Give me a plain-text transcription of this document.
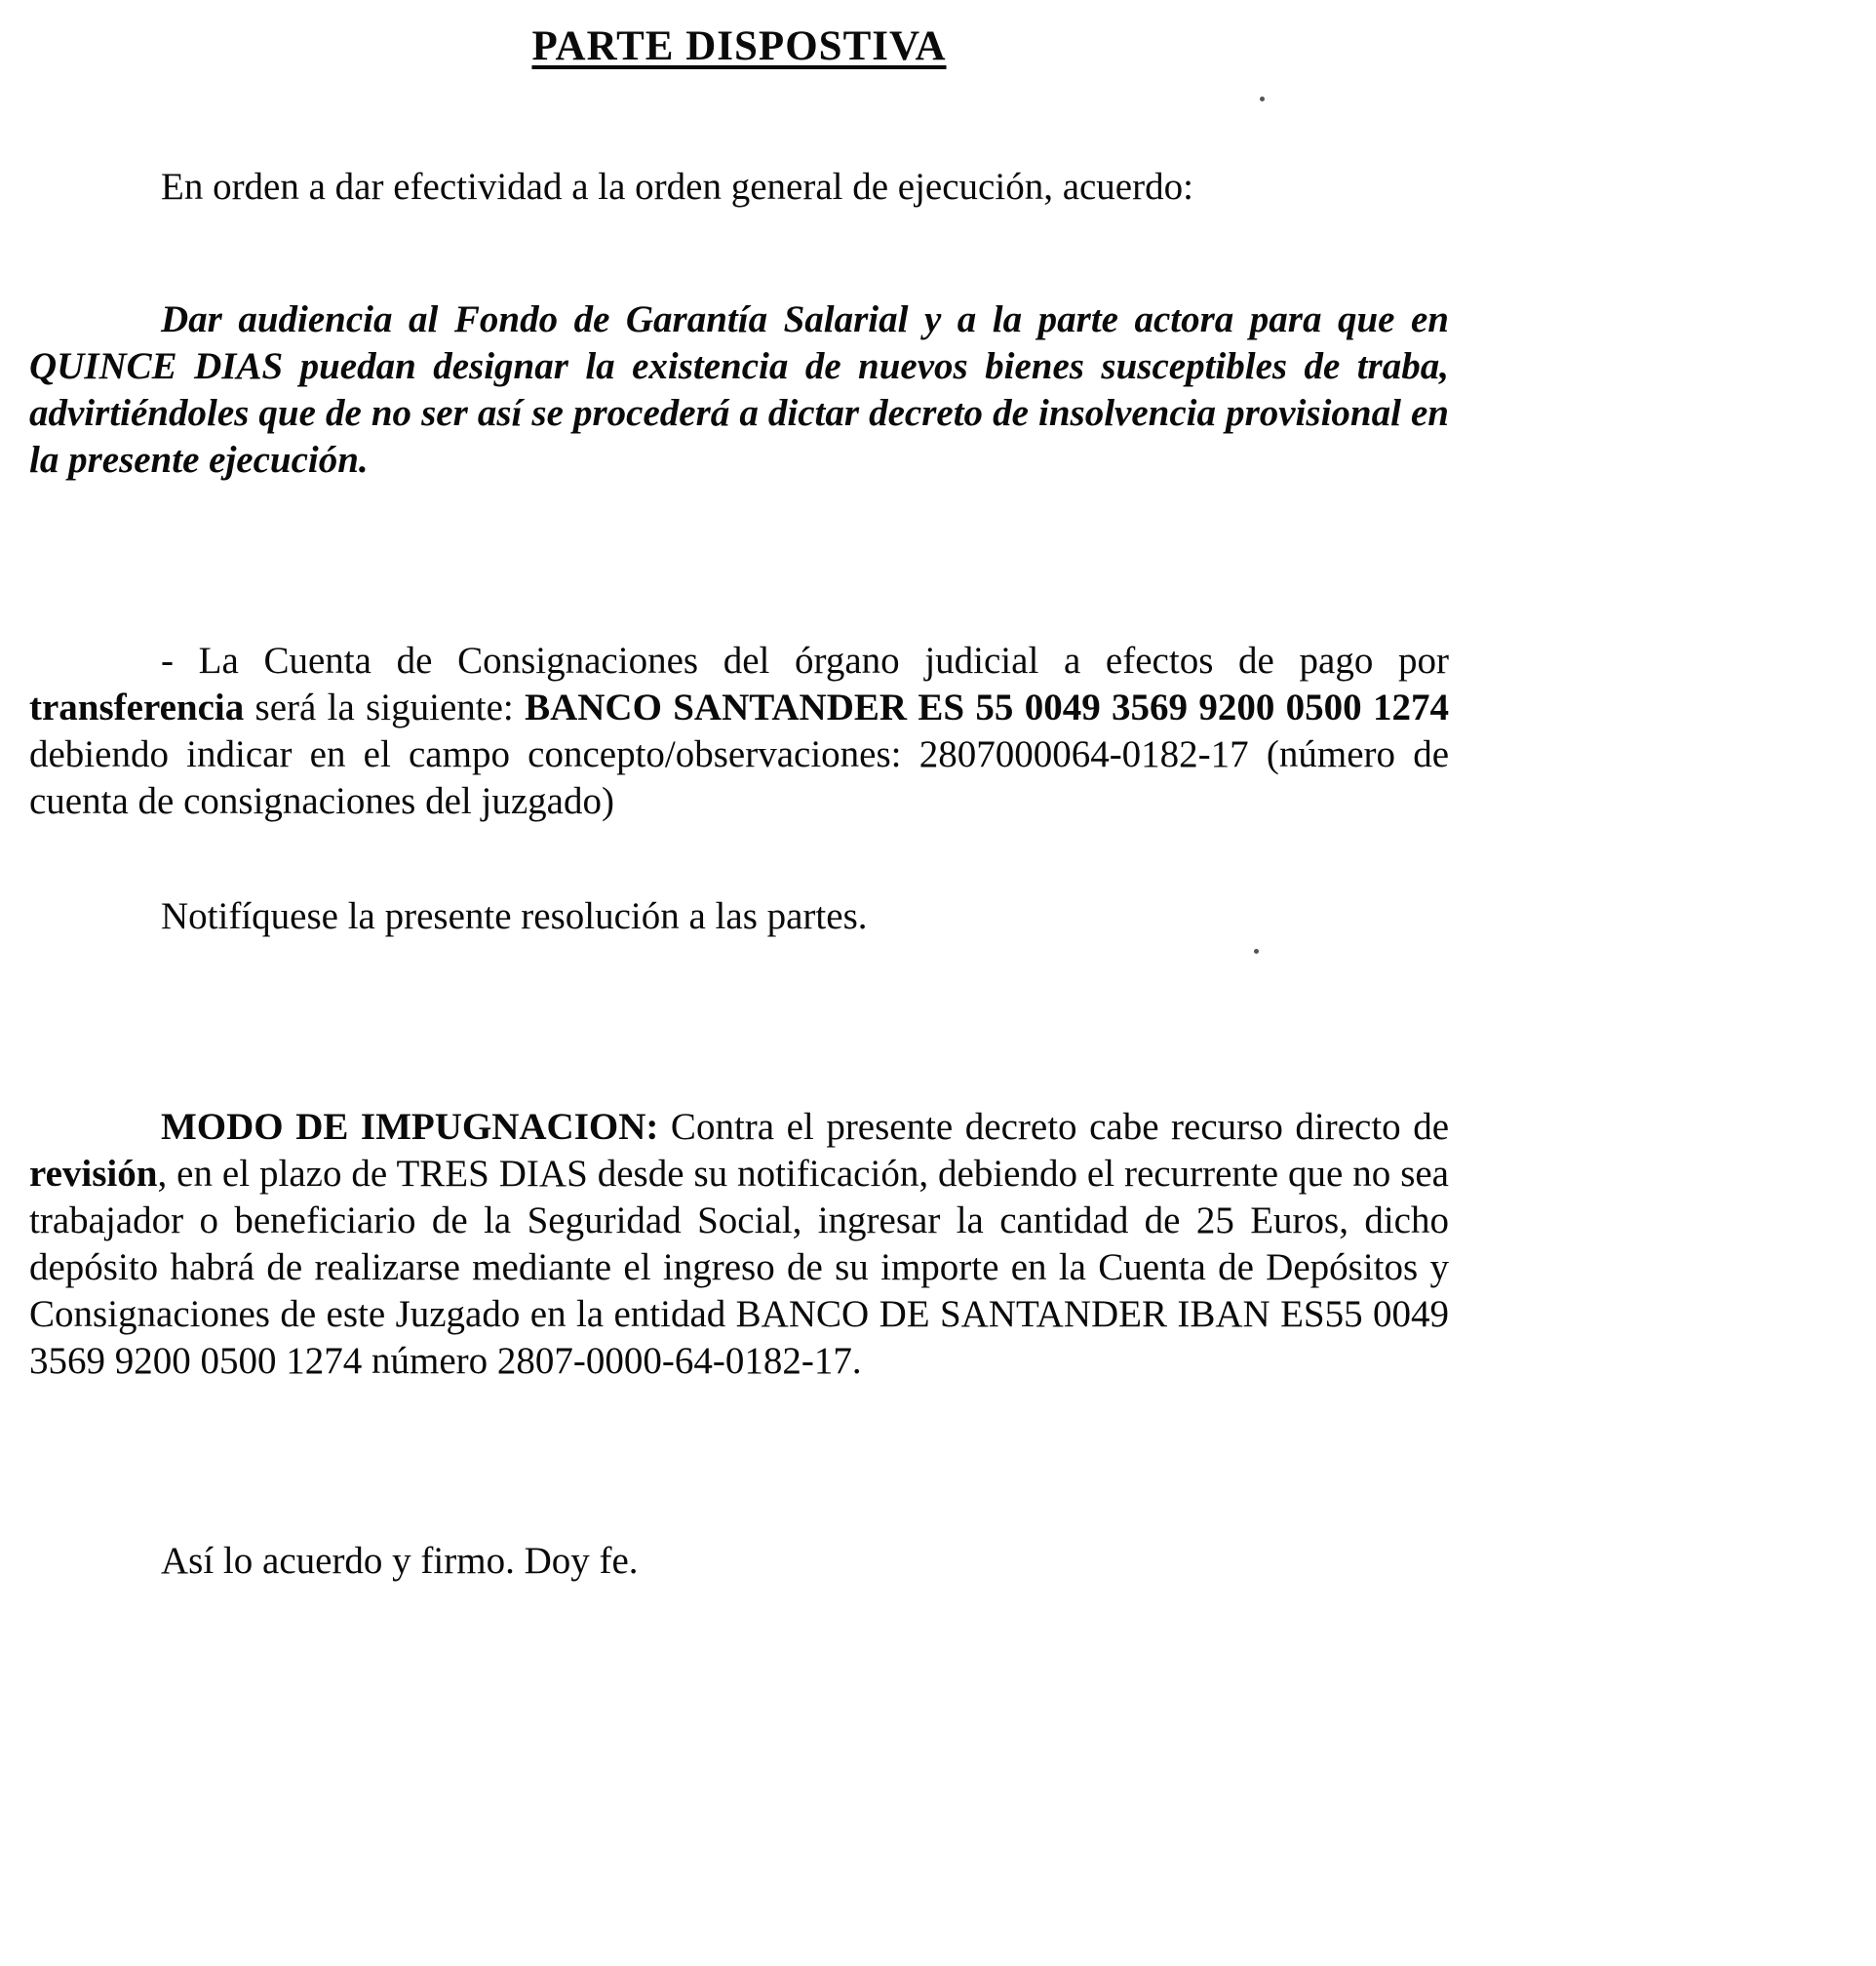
PARTE DISPOSTIVA

En orden a dar efectividad a la orden general de ejecución, acuerdo:

Dar audiencia al Fondo de Garantía Salarial y a la parte actora para que en QUINCE DIAS puedan designar la existencia de nuevos bienes susceptibles de traba, advirtiéndoles que de no ser así se procederá a dictar decreto de insolvencia provisional en la presente ejecución.

- La Cuenta de Consignaciones del órgano judicial a efectos de pago por transferencia será la siguiente: BANCO SANTANDER ES 55 0049 3569 9200 0500 1274 debiendo indicar en el campo concepto/observaciones: 2807000064-0182-17 (número de cuenta de consignaciones del juzgado)

Notifíquese la presente resolución a las partes.

MODO DE IMPUGNACION: Contra el presente decreto cabe recurso directo de revisión, en el plazo de TRES DIAS desde su notificación, debiendo el recurrente que no sea trabajador o beneficiario de la Seguridad Social, ingresar la cantidad de 25 Euros, dicho depósito habrá de realizarse mediante el ingreso de su importe en la Cuenta de Depósitos y Consignaciones de este Juzgado en la entidad BANCO DE SANTANDER IBAN ES55 0049 3569 9200 0500 1274 número 2807-0000-64-0182-17.

Así lo acuerdo y firmo. Doy fe.
